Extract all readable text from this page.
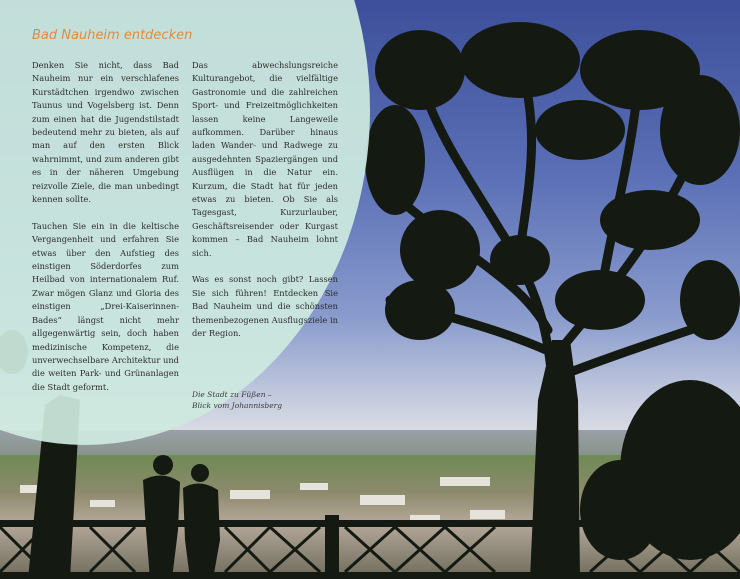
Bad Nauheim entdecken

Denken Sie nicht, dass Bad Nauheim nur ein verschlafenes Kurstädtchen irgendwo zwischen Taunus und Vogelsberg ist. Denn zum einen hat die Jugendstilstadt bedeutend mehr zu bieten, als auf man auf den ersten Blick wahrnimmt, und zum anderen gibt es in der näheren Umgebung reizvolle Ziele, die man unbedingt kennen sollte.

Tauchen Sie ein in die keltische Vergangenheit und erfahren Sie etwas über den Aufstieg des einstigen Söderdorfes zum Heilbad von internationalem Ruf. Zwar mögen Glanz und Gloria des einstigen „Drei-Kaiserinnen-Bades“ längst nicht mehr allgegenwärtig sein, doch haben medizinische Kompetenz, die unverwechselbare Architektur und die weiten Park- und Grünanlagen die Stadt geformt.

Das abwechslungsreiche Kulturangebot, die vielfältige Gastronomie und die zahlreichen Sport- und Freizeitmöglichkeiten lassen keine Langeweile aufkommen. Darüber hinaus laden Wander- und Radwege zu ausgedehnten Spaziergängen und Ausflügen in die Natur ein. Kurzum, die Stadt hat für jeden etwas zu bieten. Ob Sie als Tagesgast, Kurzurlauber, Geschäftsreisender oder Kurgast kommen – Bad Nauheim lohnt sich.

Was es sonst noch gibt? Lassen Sie sich führen! Entdecken Sie Bad Nauheim und die schönsten themenbezogenen Ausflugsziele in der Region.

Die Stadt zu Füßen –
Blick vom Johannisberg
